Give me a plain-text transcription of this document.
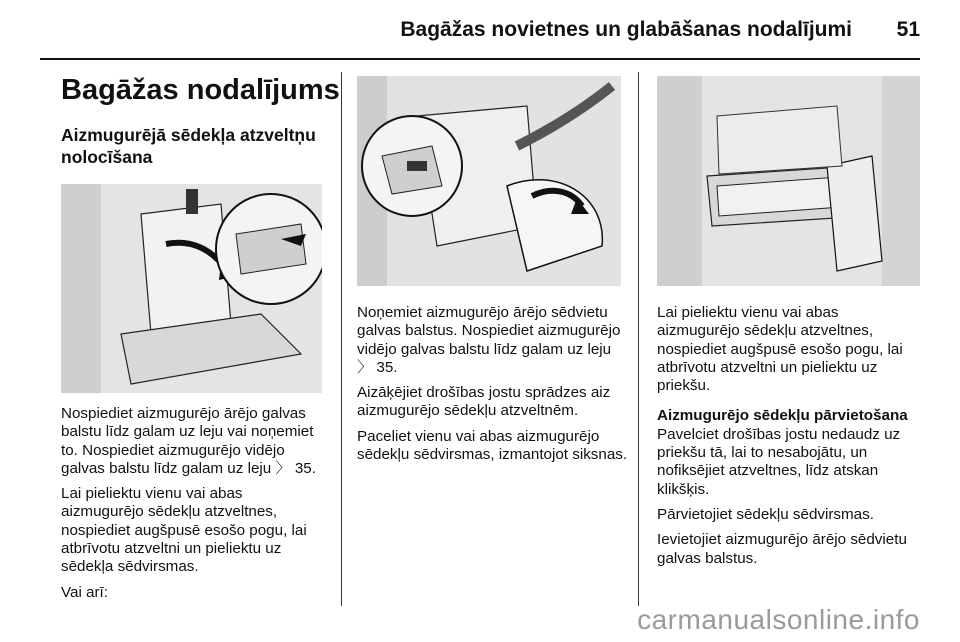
Bagāžas novietnes un glabāšanas nodalījumi 51
Bagāžas nodalījums
Aizmugurējā sēdekļa atzveltņu nolocīšana

Nospiediet aizmugurējo ārējo galvas balstu līdz galam uz leju vai noņemiet to. Nospiediet aizmugurējo vidējo galvas balstu līdz galam uz leju 〉 35.

Lai pieliektu vienu vai abas aizmugurējo sēdekļu atzveltnes, nospiediet augšpusē esošo pogu, lai atbrīvotu atzveltni un pieliektu uz sēdekļa sēdvirsmas.

Vai arī:

Noņemiet aizmugurējo ārējo sēdvietu galvas balstus. Nospiediet aizmugurējo vidējo galvas balstu līdz galam uz leju 〉 35.

Aizāķējiet drošības jostu sprādzes aiz aizmugurējo sēdekļu atzveltnēm.

Paceliet vienu vai abas aizmugurējo sēdekļu sēdvirsmas, izmantojot siksnas.

Lai pieliektu vienu vai abas aizmugurējo sēdekļu atzveltnes, nospiediet augšpusē esošo pogu, lai atbrīvotu atzveltni un pieliektu uz priekšu.

Aizmugurējo sēdekļu pārvietošana

Pavelciet drošības jostu nedaudz uz priekšu tā, lai to nesabojātu, un nofiksējiet atzveltnes, līdz atskan klikšķis.

Pārvietojiet sēdekļu sēdvirsmas.

Ievietojiet aizmugurējo ārējo sēdvietu galvas balstus.

carmanualsonline.info
